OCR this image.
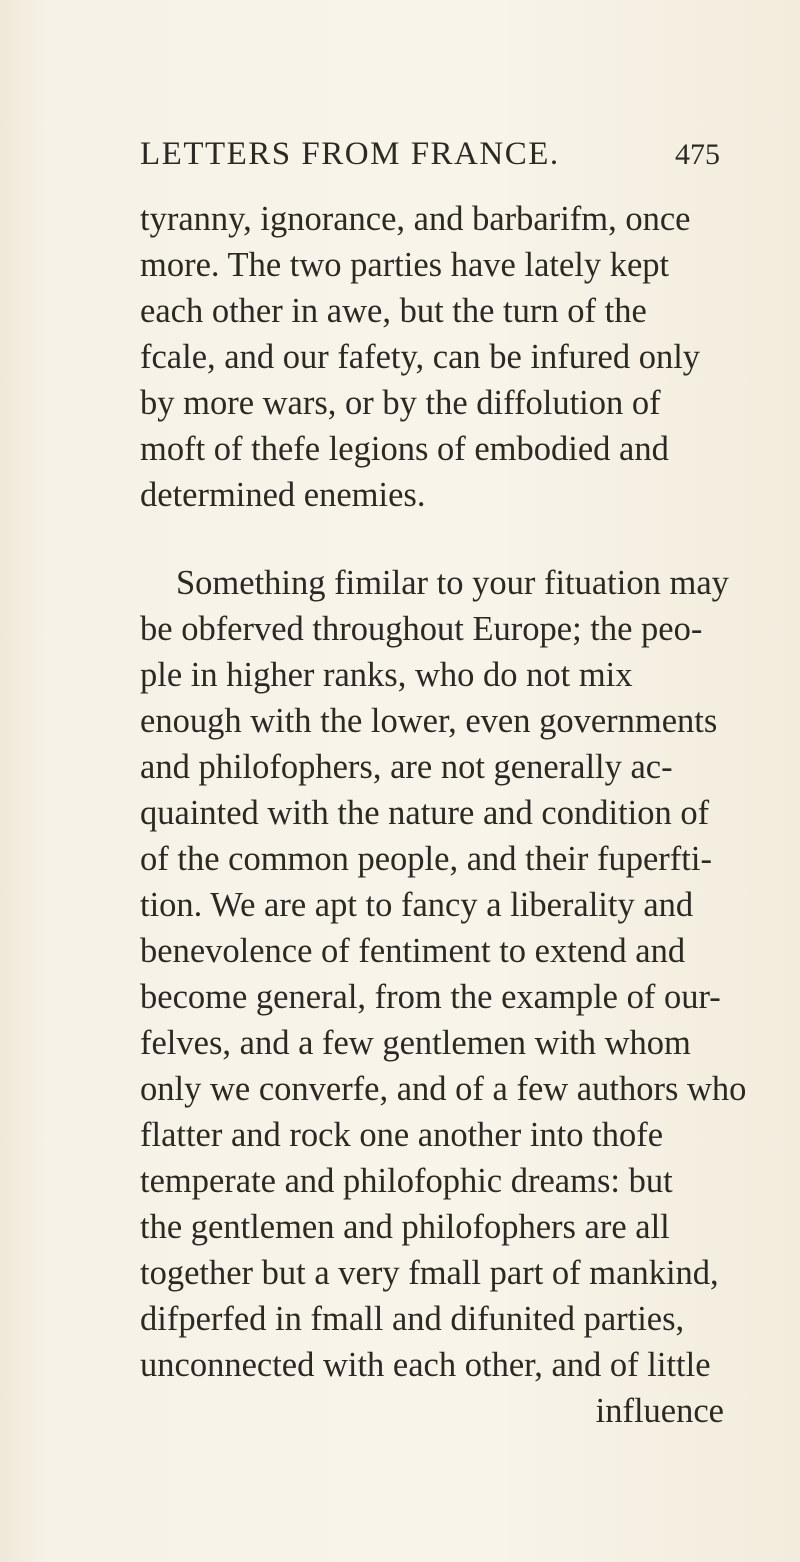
LETTERS FROM FRANCE.	475
tyranny, ignorance, and barbarifm, once
more. The two parties have lately kept
each other in awe, but the turn of the
fcale, and our fafety, can be infured only
by more wars, or by the diffolution of
moft of thefe legions of embodied and
determined enemies.
Something fimilar to your fituation may
be obferved throughout Europe; the peo-
ple in higher ranks, who do not mix
enough with the lower, even governments
and philofophers, are not generally ac-
quainted with the nature and condition of
of the common people, and their fuperfti-
tion. We are apt to fancy a liberality and
benevolence of fentiment to extend and
become general, from the example of our-
felves, and a few gentlemen with whom
only we converfe, and of a few authors who
flatter and rock one another into thofe
temperate and philofophic dreams: but
the gentlemen and philofophers are all
together but a very fmall part of mankind,
difperfed in fmall and difunited parties,
unconnected with each other, and of little
influence
